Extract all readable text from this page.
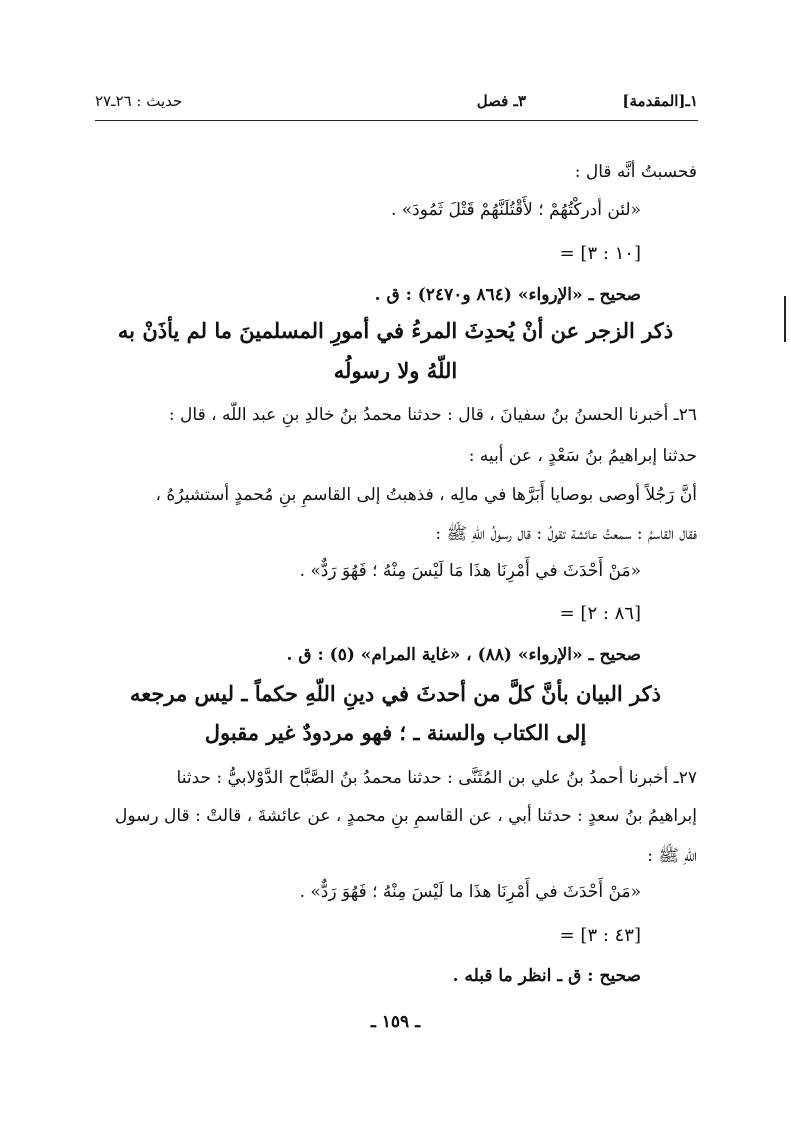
١ـ[المقدمة]
٣ـ فصل
حديث : ٢٦ـ٢٧
فحسبتُ أنَّه قال :
«لئن أدركْتُهُمْ ؛ لأَقْتُلَنَّهُمْ قَتْلَ ثَمُودَ» .
[١٠ : ٣] =
صحيح ـ «الإرواء» (٨٦٤ و٢٤٧٠) : ق .
ذكر الزجر عن أنْ يُحدِثَ المرءُ في أمورِ المسلمينَ ما لم يأذَنْ به
اللّهُ ولا رسولُه
٢٦ـ أخبرنا الحسنُ بنُ سفيانَ ، قال : حدثنا محمدُ بنُ خالدِ بنِ عبد اللّه ، قال :
حدثنا إبراهيمُ بنُ سَعْدٍ ، عن أبيه :
أنَّ رَجُلاً أوصى بوصايا أَبَرَّها في مالِه ، فذهبتُ إلى القاسمِ بنِ مُحمدٍ أستشيرُهُ ،
فقال القاسمُ : سمعتُ عائشة تقولُ : قال رسولُ اللّهِ ﷺ :
«مَنْ أَحْدَثَ في أَمْرِنَا هذَا مَا لَيْسَ مِنْهُ ؛ فَهُوَ رَدٌّ» .
[٨٦ : ٢] =
صحيح ـ «الإرواء» (٨٨) ، «غاية المرام» (٥) : ق .
ذكر البيان بأنَّ كلَّ من أحدثَ في دينِ اللّهِ حكماً ـ ليس مرجعه
إلى الكتاب والسنة ـ ؛ فهو مردودٌ غير مقبول
٢٧ـ أخبرنا أحمدُ بنُ علي بن المُثَنَّى : حدثنا محمدُ بنُ الصَّبَّاح الدَّوْلابيُّ : حدثنا
إبراهيمُ بنُ سعدٍ : حدثنا أبي ، عن القاسمِ بنِ محمدٍ ، عن عائشةَ ، قالتْ : قال رسول
اللّهِ ﷺ :
«مَنْ أَحْدَثَ في أَمْرِنَا هذَا ما لَيْسَ مِنْهُ ؛ فَهُوَ رَدٌّ» .
[٤٣ : ٣] =
صحيح : ق ـ انظر ما قبله .
ـ ١٥٩ ـ
